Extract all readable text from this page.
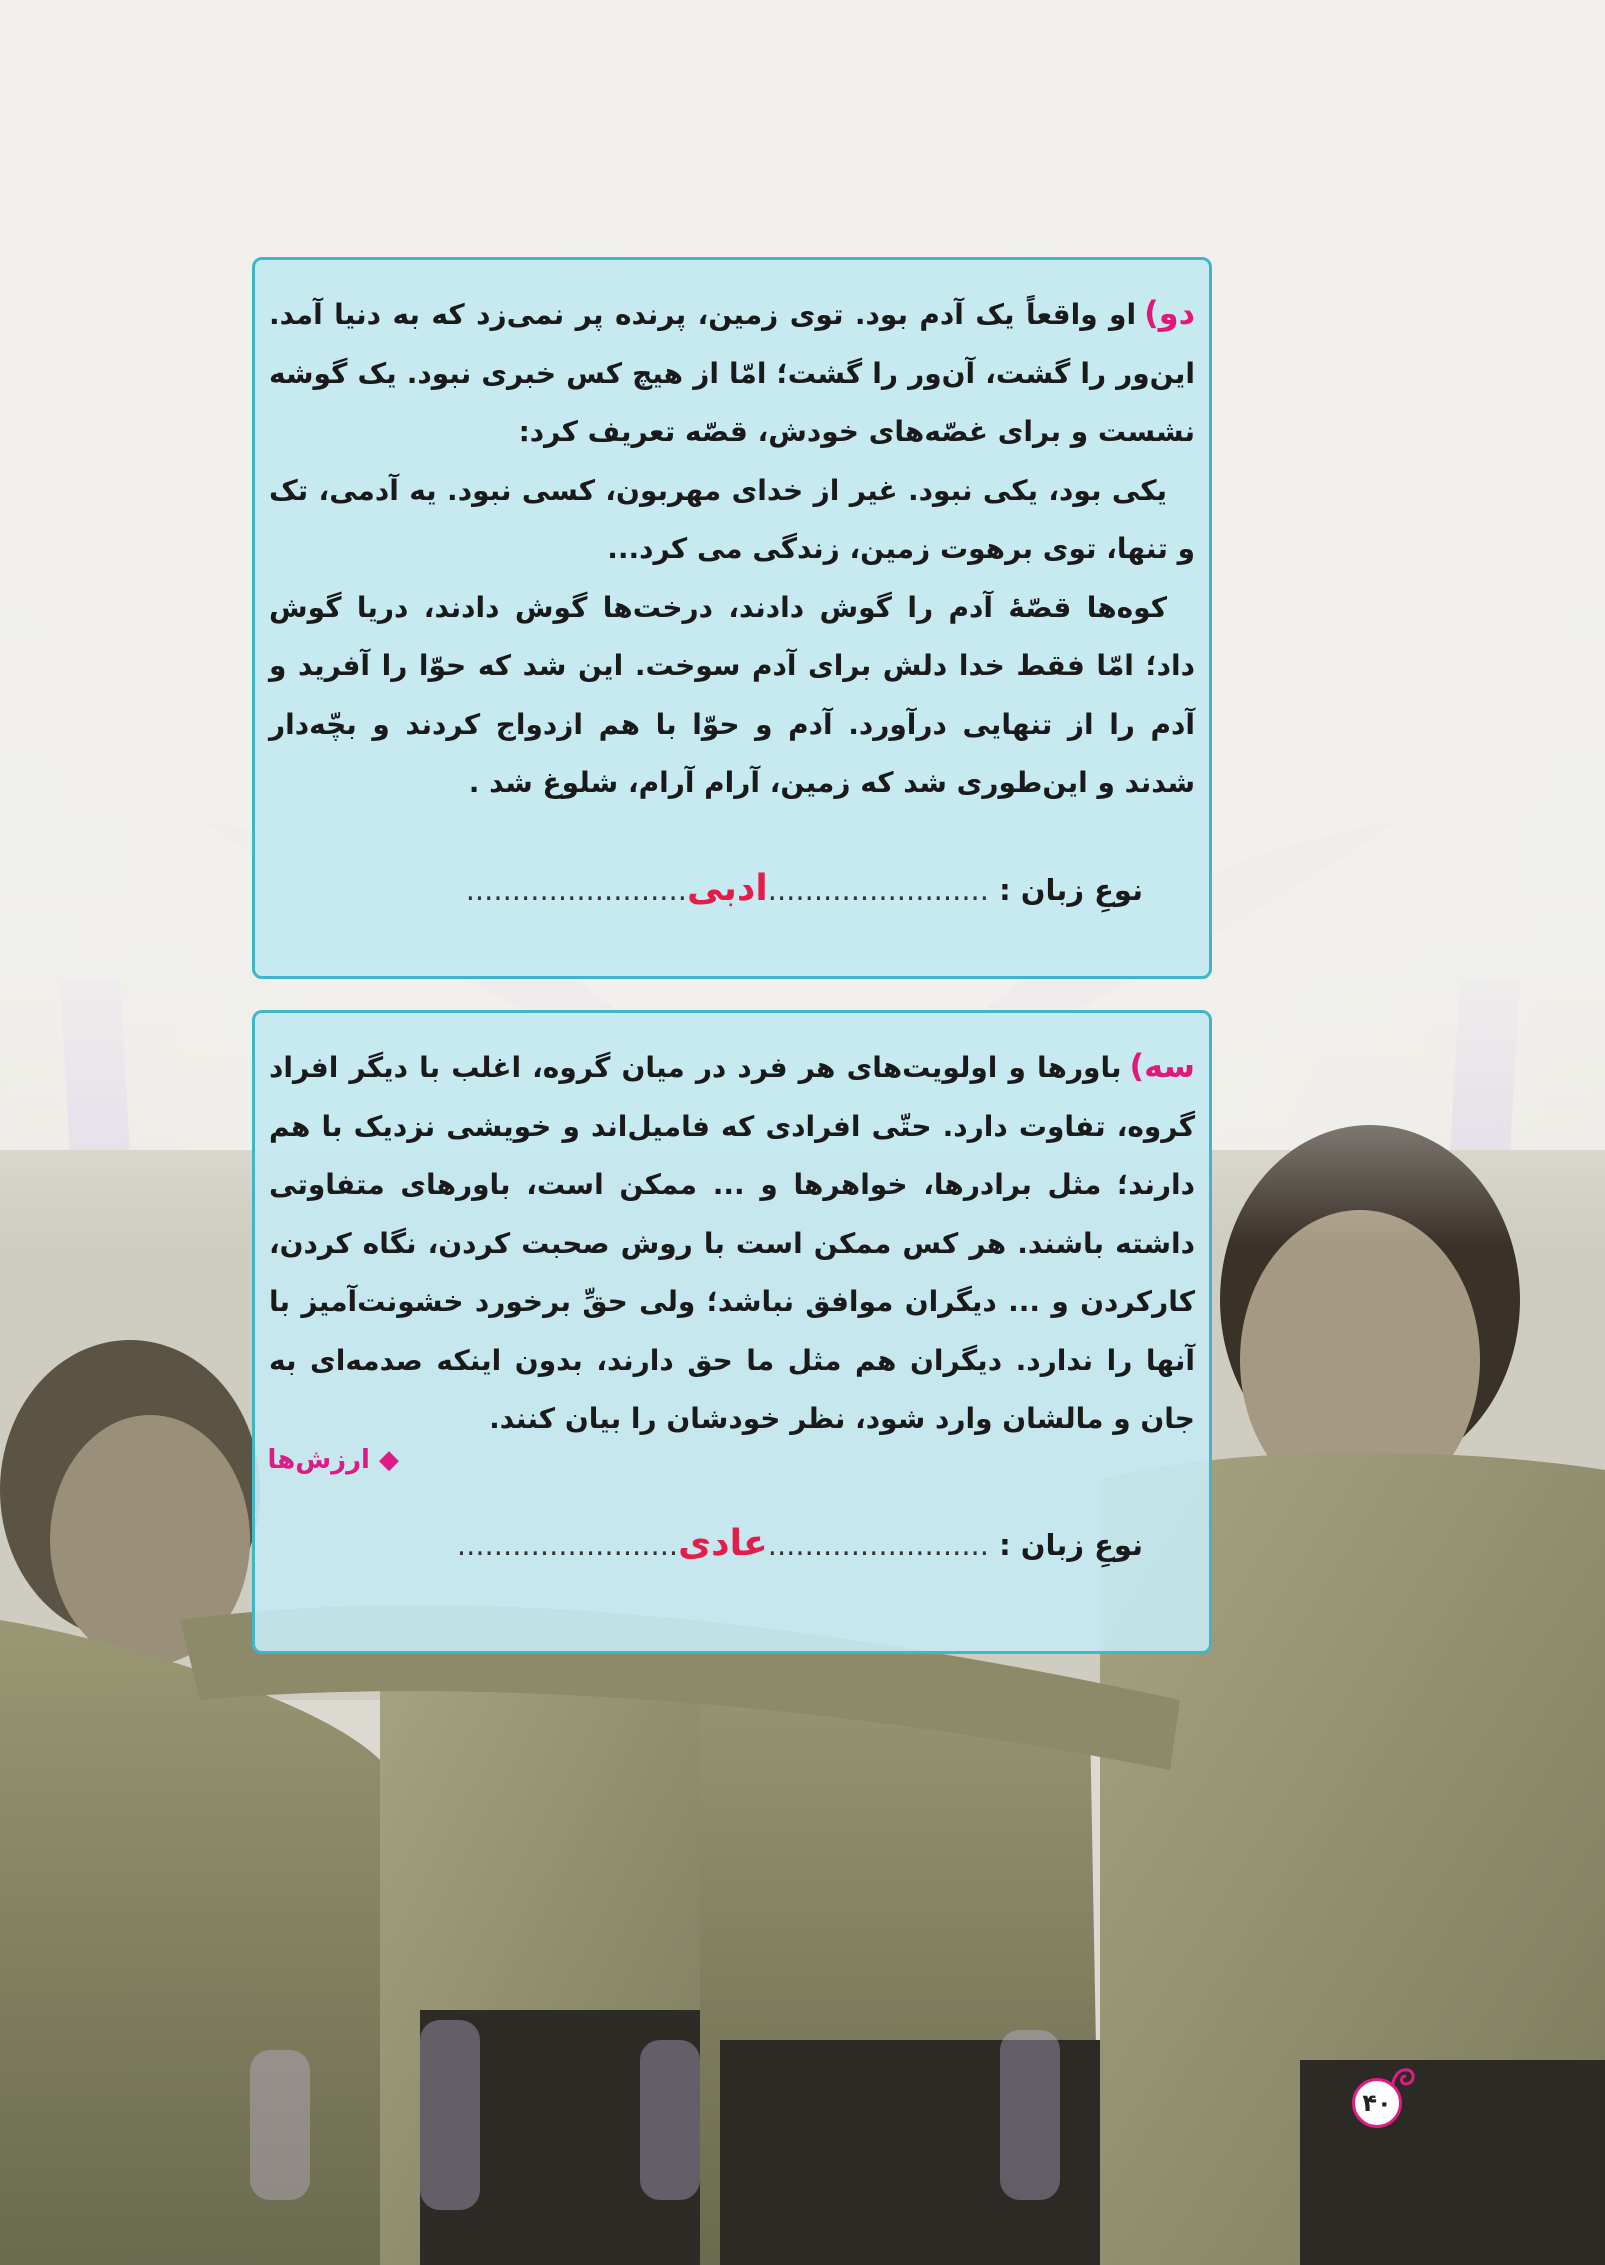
دو)او واقعاً یک آدم بود. توی زمین، پرنده پر نمی‌زد که به دنیا آمد. این‌ور را گشت، آن‌ور را گشت؛ امّا از هیچ کس خبری نبود. یک گوشه نشست و برای غصّه‌های خودش، قصّه تعریف کرد:

یکی بود، یکی نبود. غیر از خدای مهربون، کسی نبود. یه آدمی، تک و تنها، توی برهوت زمین، زندگی می کرد...

کوه‌ها قصّهٔ آدم را گوش دادند، درخت‌ها گوش دادند، دریا گوش داد؛ امّا فقط خدا دلش برای آدم سوخت. این شد که حوّا را آفرید و آدم را از تنهایی درآورد. آدم و حوّا با هم ازدواج کردند و بچّه‌دار شدند و این‌طوری شد که زمین، آرام آرام، شلوغ شد .

نوعِ زبان : ........................ادبی........................

سه)باورها و اولویت‌های هر فرد در میان گروه، اغلب با دیگر افراد گروه، تفاوت دارد. حتّی افرادی که فامیل‌اند و خویشی نزدیک با هم دارند؛ مثل برادرها، خواهرها و ... ممکن است، باورهای متفاوتی داشته باشند. هر کس ممکن است با روش صحبت کردن، نگاه کردن، کارکردن و ... دیگران موافق نباشد؛ ولی حقِّ برخورد خشونت‌آمیز با آنها را ندارد. دیگران هم مثل ما حق دارند، بدون اینکه صدمه‌ای به جان و مالشان وارد شود، نظر خودشان را بیان کنند.

◆ ارزش‌ها
نوعِ زبان : ........................عادی........................
۴۰
